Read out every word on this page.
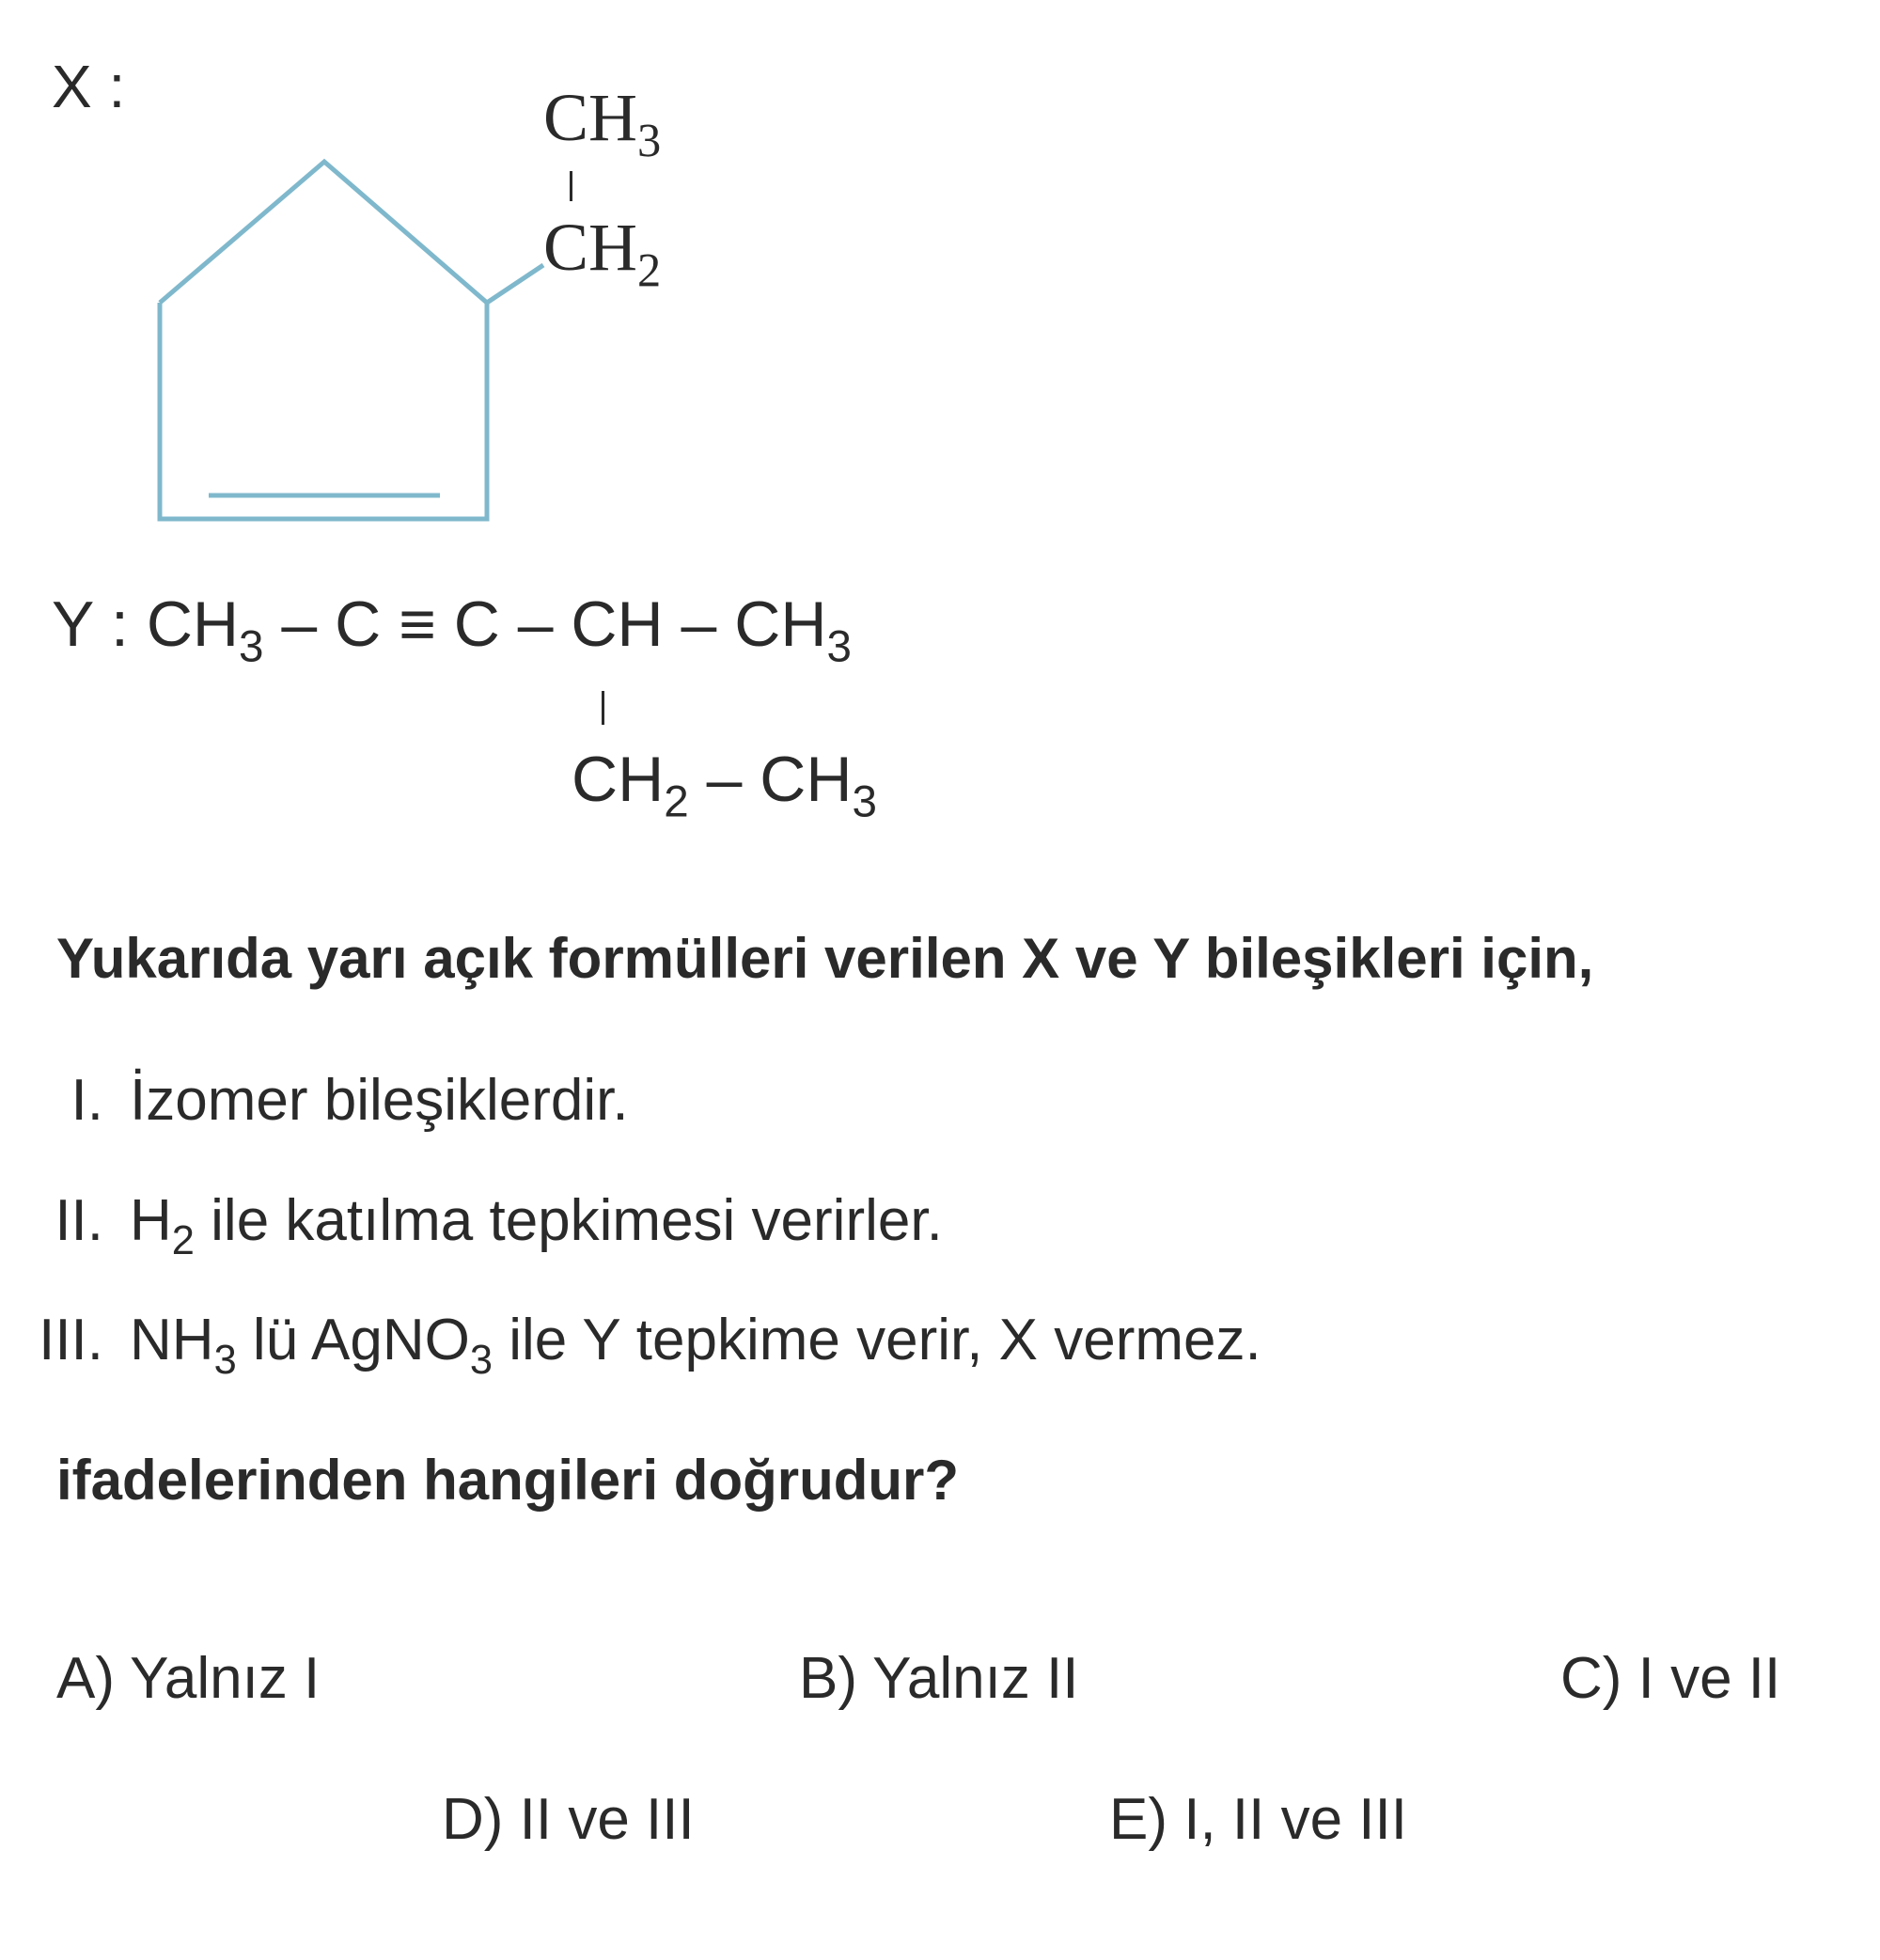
X :	$CH_3$
$CH_2$
Y : $CH_3 - C \equiv C$ – CH – $CH_3$
$CH_2 - CH_3$
Yukarıda yarı açık formülleri verilen X ve Y bileşikleri için,
I. İzomer bileşiklerdir.
II. $H_2$ ile katılma tepkimesi verirler.
III. $NH_3$ lü AgNO$_3$ ile Y tepkime verir, X vermez.
ifadelerinden hangileri doğrudur?
A) Yalnız I	B) Yalnız II	C) I ve II
D) II ve III	E) I, II ve III
